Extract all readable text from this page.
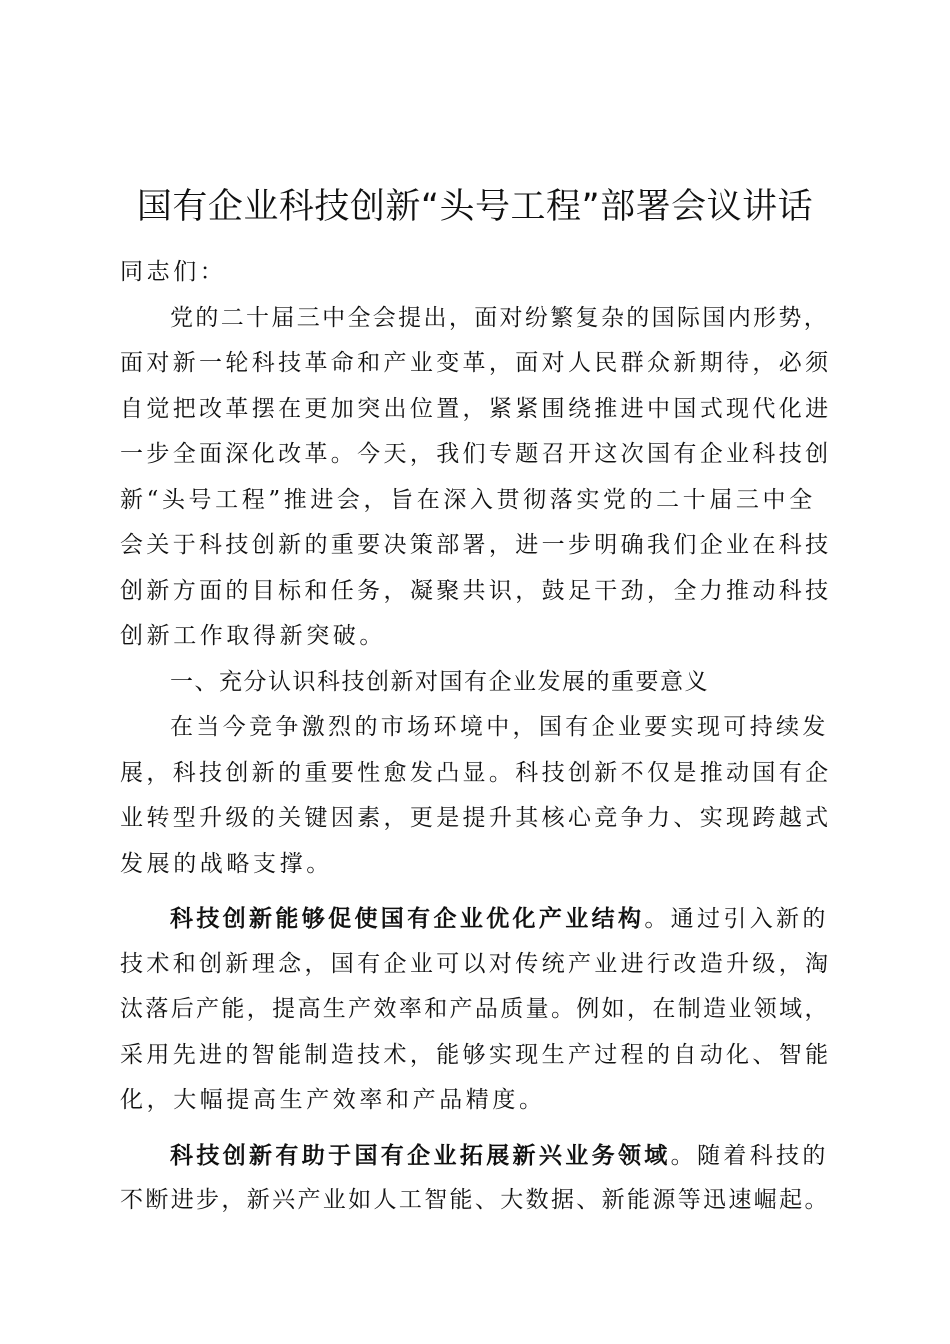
国有企业科技创新“头号工程”部署会议讲话
同志们：
党的二十届三中全会提出，面对纷繁复杂的国际国内形势，
面对新一轮科技革命和产业变革，面对人民群众新期待，必须
自觉把改革摆在更加突出位置，紧紧围绕推进中国式现代化进
一步全面深化改革。今天，我们专题召开这次国有企业科技创
新“头号工程”推进会，旨在深入贯彻落实党的二十届三中全
会关于科技创新的重要决策部署，进一步明确我们企业在科技
创新方面的目标和任务，凝聚共识，鼓足干劲，全力推动科技
创新工作取得新突破。
一、充分认识科技创新对国有企业发展的重要意义
在当今竞争激烈的市场环境中，国有企业要实现可持续发
展，科技创新的重要性愈发凸显。科技创新不仅是推动国有企
业转型升级的关键因素，更是提升其核心竞争力、实现跨越式
发展的战略支撑。
科技创新能够促使国有企业优化产业结构。通过引入新的
技术和创新理念，国有企业可以对传统产业进行改造升级，淘
汰落后产能，提高生产效率和产品质量。例如，在制造业领域，
采用先进的智能制造技术，能够实现生产过程的自动化、智能
化，大幅提高生产效率和产品精度。
科技创新有助于国有企业拓展新兴业务领域。随着科技的
不断进步，新兴产业如人工智能、大数据、新能源等迅速崛起。
